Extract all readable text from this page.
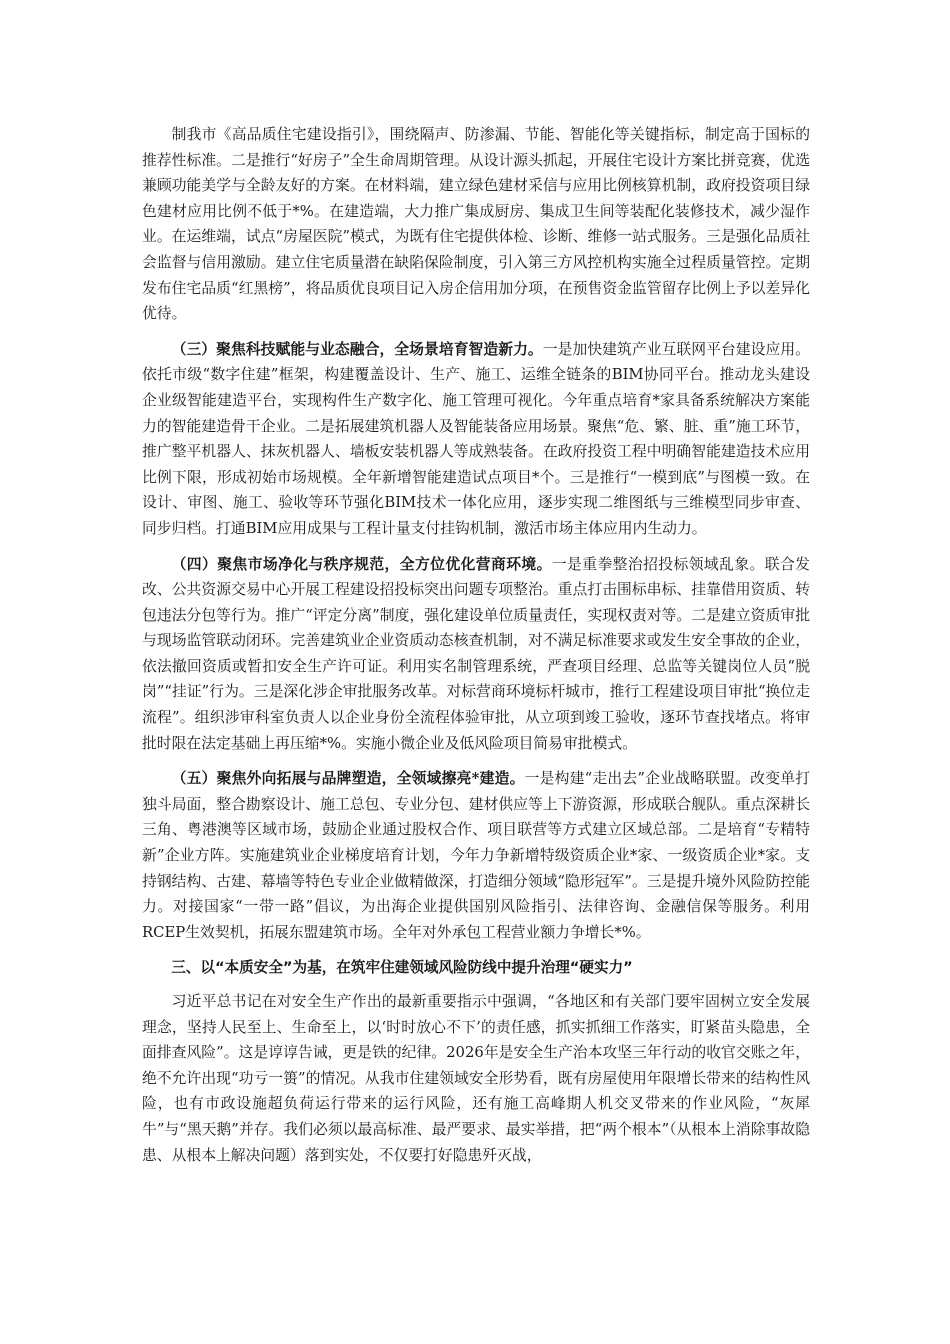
制我市《高品质住宅建设指引》，围绕隔声、防渗漏、节能、智能化等关键指标，制定高于国标的推荐性标准。二是推行“好房子”全生命周期管理。从设计源头抓起，开展住宅设计方案比拼竞赛，优选兼顾功能美学与全龄友好的方案。在材料端，建立绿色建材采信与应用比例核算机制，政府投资项目绿色建材应用比例不低于*%。在建造端，大力推广集成厨房、集成卫生间等装配化装修技术，减少湿作业。在运维端，试点“房屋医院”模式，为既有住宅提供体检、诊断、维修一站式服务。三是强化品质社会监督与信用激励。建立住宅质量潜在缺陷保险制度，引入第三方风控机构实施全过程质量管控。定期发布住宅品质“红黑榜”，将品质优良项目记入房企信用加分项，在预售资金监管留存比例上予以差异化优待。

（三）聚焦科技赋能与业态融合，全场景培育智造新力。一是加快建筑产业互联网平台建设应用。依托市级“数字住建”框架，构建覆盖设计、生产、施工、运维全链条的BIM协同平台。推动龙头建设企业级智能建造平台，实现构件生产数字化、施工管理可视化。今年重点培育*家具备系统解决方案能力的智能建造骨干企业。二是拓展建筑机器人及智能装备应用场景。聚焦“危、繁、脏、重”施工环节，推广整平机器人、抹灰机器人、墙板安装机器人等成熟装备。在政府投资工程中明确智能建造技术应用比例下限，形成初始市场规模。全年新增智能建造试点项目*个。三是推行“一模到底”与图模一致。在设计、审图、施工、验收等环节强化BIM技术一体化应用，逐步实现二维图纸与三维模型同步审查、同步归档。打通BIM应用成果与工程计量支付挂钩机制，激活市场主体应用内生动力。

（四）聚焦市场净化与秩序规范，全方位优化营商环境。一是重拳整治招投标领域乱象。联合发改、公共资源交易中心开展工程建设招投标突出问题专项整治。重点打击围标串标、挂靠借用资质、转包违法分包等行为。推广“评定分离”制度，强化建设单位质量责任，实现权责对等。二是建立资质审批与现场监管联动闭环。完善建筑业企业资质动态核查机制，对不满足标准要求或发生安全事故的企业，依法撤回资质或暂扣安全生产许可证。利用实名制管理系统，严查项目经理、总监等关键岗位人员“脱岗”“挂证”行为。三是深化涉企审批服务改革。对标营商环境标杆城市，推行工程建设项目审批“换位走流程”。组织涉审科室负责人以企业身份全流程体验审批，从立项到竣工验收，逐环节查找堵点。将审批时限在法定基础上再压缩*%。实施小微企业及低风险项目简易审批模式。

（五）聚焦外向拓展与品牌塑造，全领域擦亮*建造。一是构建“走出去”企业战略联盟。改变单打独斗局面，整合勘察设计、施工总包、专业分包、建材供应等上下游资源，形成联合舰队。重点深耕长三角、粤港澳等区域市场，鼓励企业通过股权合作、项目联营等方式建立区域总部。二是培育“专精特新”企业方阵。实施建筑业企业梯度培育计划，今年力争新增特级资质企业*家、一级资质企业*家。支持钢结构、古建、幕墙等特色专业企业做精做深，打造细分领域“隐形冠军”。三是提升境外风险防控能力。对接国家“一带一路”倡议，为出海企业提供国别风险指引、法律咨询、金融信保等服务。利用RCEP生效契机，拓展东盟建筑市场。全年对外承包工程营业额力争增长*%。

三、以“本质安全”为基，在筑牢住建领域风险防线中提升治理“硬实力”

习近平总书记在对安全生产作出的最新重要指示中强调，“各地区和有关部门要牢固树立安全发展理念，坚持人民至上、生命至上，以‘时时放心不下’的责任感，抓实抓细工作落实，盯紧苗头隐患，全面排查风险”。这是谆谆告诫，更是铁的纪律。2026年是安全生产治本攻坚三年行动的收官交账之年，绝不允许出现“功亏一篑”的情况。从我市住建领域安全形势看，既有房屋使用年限增长带来的结构性风险，也有市政设施超负荷运行带来的运行风险，还有施工高峰期人机交叉带来的作业风险，“灰犀牛”与“黑天鹅”并存。我们必须以最高标准、最严要求、最实举措，把“两个根本”（从根本上消除事故隐患、从根本上解决问题）落到实处，不仅要打好隐患歼灭战，
